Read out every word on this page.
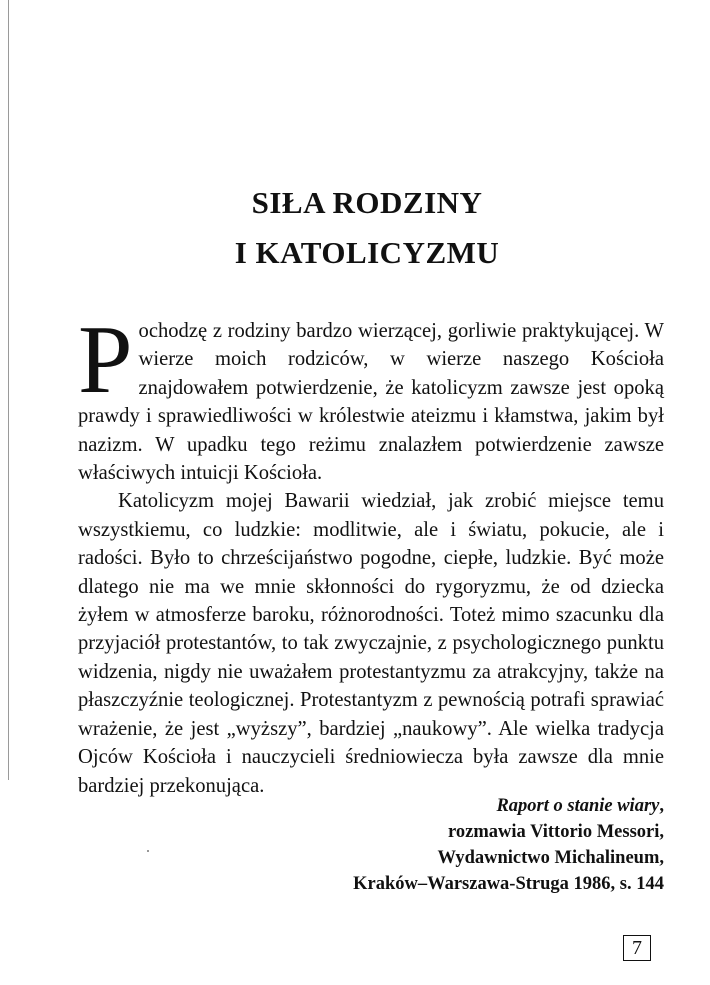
SIŁA RODZINY
I KATOLICYZMU
P ochodzę z rodziny bardzo wierzącej, gorliwie praktykującej. W wierze moich rodziców, w wierze naszego Kościoła znajdowałem potwierdzenie, że katolicyzm zawsze jest opoką prawdy i sprawiedliwości w królestwie ateizmu i kłamstwa, jakim był nazizm. W upadku tego reżimu znalazłem potwierdzenie zawsze właściwych intuicji Kościoła.
Katolicyzm mojej Bawarii wiedział, jak zrobić miejsce temu wszystkiemu, co ludzkie: modlitwie, ale i światu, pokucie, ale i radości. Było to chrześcijaństwo pogodne, ciepłe, ludzkie. Być może dlatego nie ma we mnie skłonności do rygoryzmu, że od dziecka żyłem w atmosferze baroku, różnorodności. Toteż mimo szacunku dla przyjaciół protestantów, to tak zwyczajnie, z psychologicznego punktu widzenia, nigdy nie uważałem protestantyzmu za atrakcyjny, także na płaszczyźnie teologicznej. Protestantyzm z pewnością potrafi sprawiać wrażenie, że jest „wyższy”, bardziej „naukowy”. Ale wielka tradycja Ojców Kościoła i nauczycieli średniowiecza była zawsze dla mnie bardziej przekonująca.
Raport o stanie wiary,
rozmawia Vittorio Messori,
Wydawnictwo Michalineum,
Kraków–Warszawa-Struga 1986, s. 144
7
